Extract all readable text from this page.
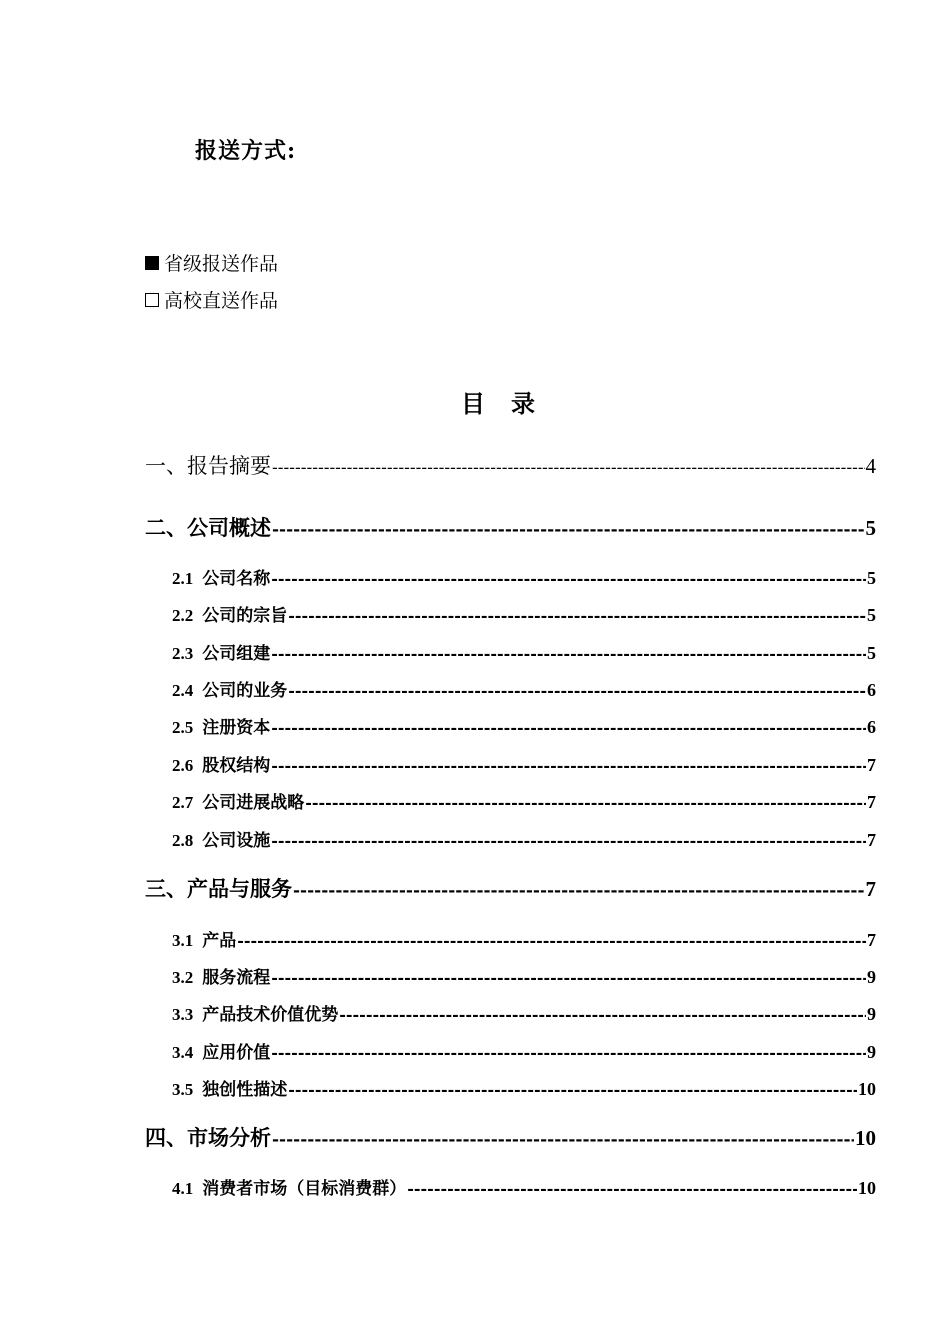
报送方式:
省级报送作品
高校直送作品
目录
一、报告摘要 -----	4
二、公司概述 -----	5
2.1 公司名称 -----	5
2.2 公司的宗旨 -----	5
2.3 公司组建 -----	5
2.4 公司的业务 -----	6
2.5 注册资本 -----	6
2.6 股权结构 -----	7
2.7 公司进展战略 -----	7
2.8 公司设施 -----	7
三、产品与服务 -----	7
3.1 产品 -----	7
3.2 服务流程 -----	9
3.3 产品技术价值优势 -----	9
3.4 应用价值 -----	9
3.5 独创性描述 -----	10
四、市场分析 -----	10
4.1 消费者市场（目标消费群） -----	10
